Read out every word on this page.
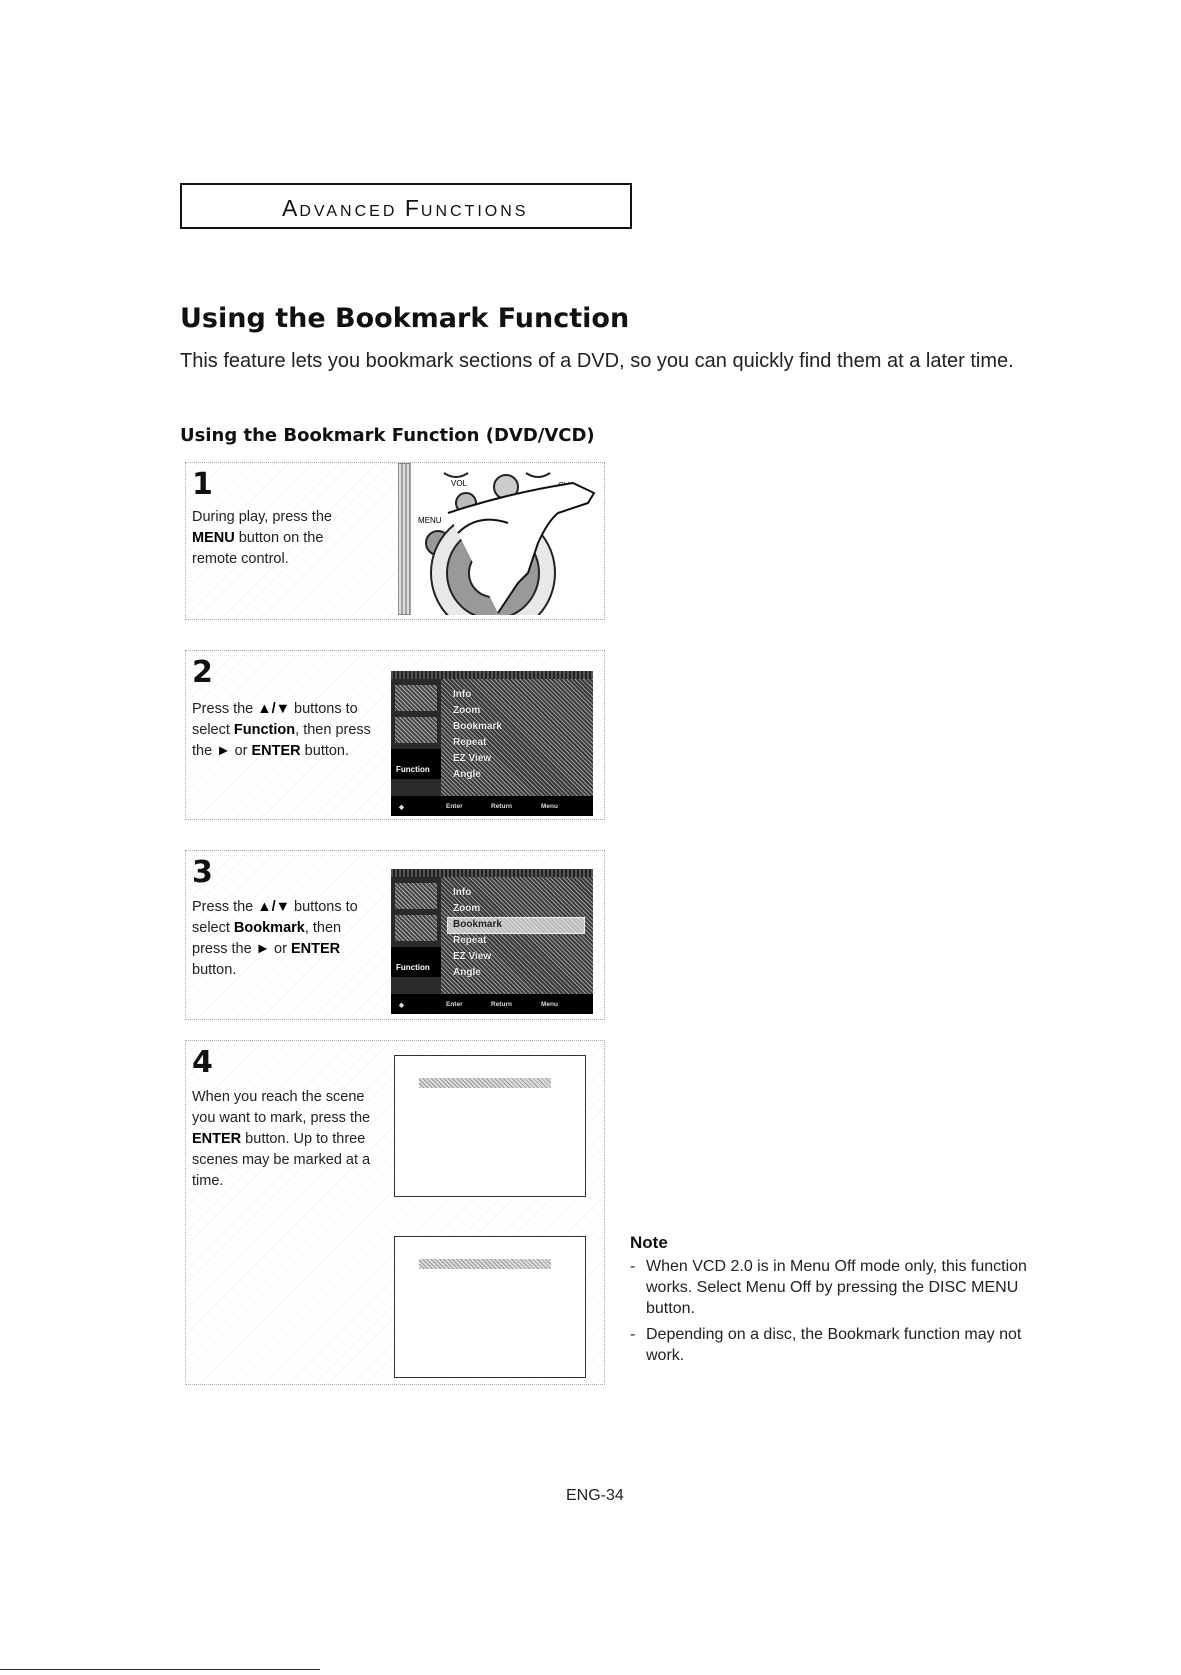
ADVANCED FUNCTIONS
Using the Bookmark Function
This feature lets you bookmark sections of a DVD, so you can quickly find them at a later time.
Using the Bookmark Function (DVD/VCD)
1
During play, press the MENU button on the remote control.
VOL
MENU
2
Press the ▲/▼ buttons to select Function, then press the ► or ENTER button.
Function
Info
Zoom
Bookmark
Repeat
EZ View
Angle
◆	Enter	Return	Menu
3
Press the ▲/▼ buttons to select Bookmark, then press the ► or ENTER button.	Function
Info
Zoom
Bookmark
Repeat
EZ View
Angle
◆	Enter	Return	Menu
4
When you reach the scene you want to mark, press the ENTER button. Up to three scenes may be marked at a time.
Note
- When VCD 2.0 is in Menu Off mode only, this function works. Select Menu Off by pressing the DISC MENU button.
- Depending on a disc, the Bookmark function may not work.
ENG-34
